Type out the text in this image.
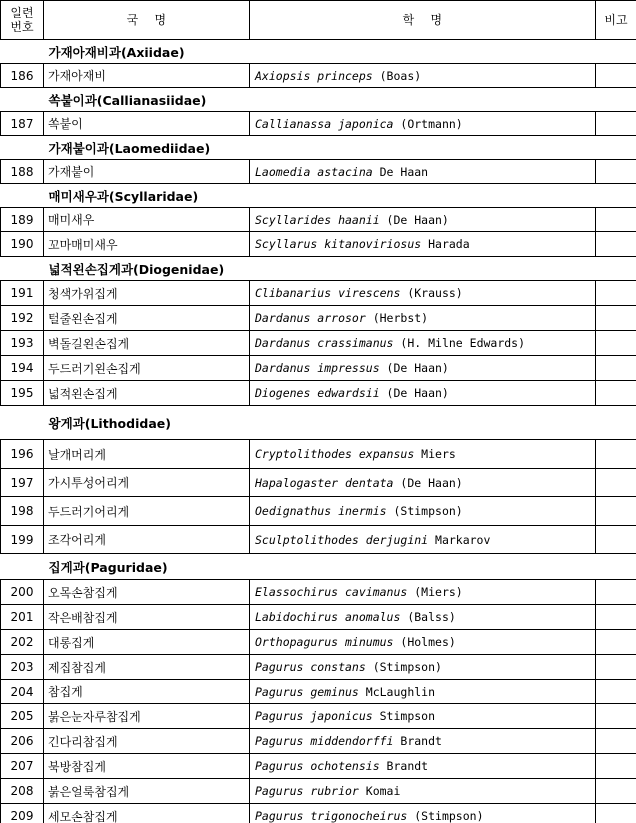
일련
번호	국    명	학    명	비고
가재아재비과(Axiidae)			
186	가재아재비	Axiopsis princeps (Boas)	
쏙붙이과(Callianasiidae)			
187	쏙붙이	Callianassa japonica (Ortmann)	
가재붙이과(Laomediidae)			
188	가재붙이	Laomedia astacina De Haan	
매미새우과(Scyllaridae)			
189	매미새우	Scyllarides haanii (De Haan)	
190	꼬마매미새우	Scyllarus kitanoviriosus Harada	
넓적왼손집게과(Diogenidae)			
191	청색가위집게	Clibanarius virescens (Krauss)	
192	털줄왼손집게	Dardanus arrosor (Herbst)	
193	벽돌길왼손집게	Dardanus crassimanus (H. Milne Edwards)	
194	두드러기왼손집게	Dardanus impressus (De Haan)	
195	넓적왼손집게	Diogenes edwardsii (De Haan)	
왕게과(Lithodidae)			
196	날개머리게	Cryptolithodes expansus Miers	
197	가시투성어리게	Hapalogaster dentata (De Haan)	
198	두드러기어리게	Oedignathus inermis (Stimpson)	
199	조각어리게	Sculptolithodes derjugini Markarov	
집게과(Paguridae)			
200	오목손참집게	Elassochirus cavimanus (Miers)	
201	작은배참집게	Labidochirus anomalus (Balss)	
202	대롱집게	Orthopagurus minumus (Holmes)	
203	제집참집게	Pagurus constans (Stimpson)	
204	참집게	Pagurus geminus McLaughlin	
205	붉은눈자루참집게	Pagurus japonicus Stimpson	
206	긴다리참집게	Pagurus middendorffi Brandt	
207	북방참집게	Pagurus ochotensis Brandt	
208	붉은얼룩참집게	Pagurus rubrior Komai	
209	세모손참집게	Pagurus trigonocheirus (Stimpson)	
